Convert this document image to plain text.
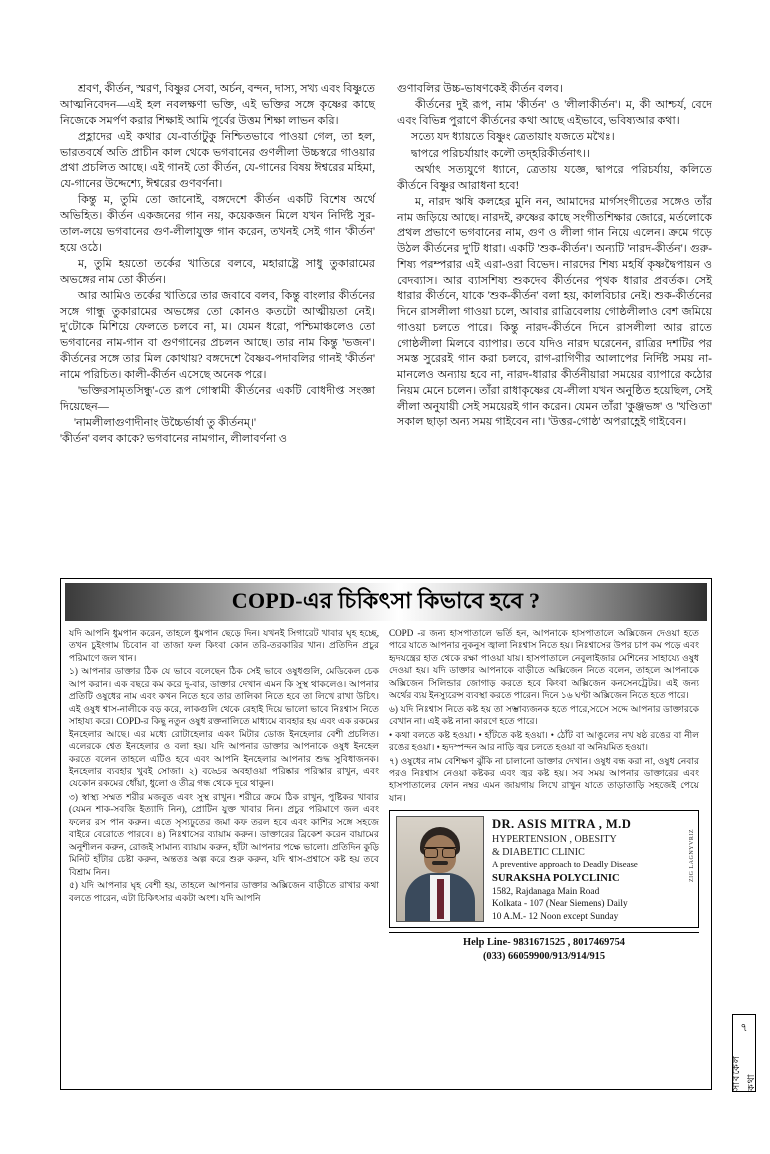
শ্রবণ, কীর্তন, স্মরণ, বিষ্ণুর সেবা, অর্চন, বন্দন, দাস্য, সখ্য এবং বিষ্ণুতে আত্মনিবেদন—এই হল নবলক্ষণা ভক্তি, এই ভক্তির সঙ্গে কৃষ্ণের কাছে নিজেকে সমর্পণ করার শিক্ষাই আমি পূর্বের উত্তম শিক্ষা লাভন করি।

প্রহ্লাদের এই কথার যে-বার্তাটুকু নিশ্চিতভাবে পাওয়া গেল, তা হল, ভারতবর্ষে অতি প্রাচীন কাল থেকে ভগবানের গুণলীলা উচ্চস্বরে গাওয়ার প্রথা প্রচলিত আছে। এই গানই তো কীর্তন, যে-গানের বিষয় ঈশ্বরের মহিমা, যে-গানের উদ্দেশ্যে, ঈশ্বরের গুণবর্ণনা।

কিন্তু ম, তুমি তো জানোই, বঙ্গদেশে কীর্তন একটি বিশেষ অর্থে অভিহিত। কীর্তন একজনের গান নয়, কয়েকজন মিলে যখন নির্দিষ্ট সুর-তাল-লয়ে ভগবানের গুণ-লীলাযুক্ত গান করেন, তখনই সেই গান 'কীর্তন' হয়ে ওঠে।

ম, তুমি হয়তো তর্কের খাতিরে বলবে, মহারাষ্ট্রে সাধু তুকারামের অভঙ্গের নাম তো কীর্তন।

আর আমিও তর্কের খাতিরে তার জবাবে বলব, কিন্তু বাংলার কীর্তনের সঙ্গে গান্ধু তুকারামের অভঙ্গের তো কোনও কতটো আত্মীয়তা নেই। দু'টোকে মিশিয়ে ফেলতে চলবে না, ম। যেমন ধরো, পশ্চিমাঞ্চলেও তো ভগবানের নাম-গান বা গুণগানের প্রচলন আছে। তার নাম কিন্তু 'ভজন'। কীর্তনের সঙ্গে তার মিল কোথায়? বঙ্গদেশে বৈষ্ণব-পদাবলির গানই 'কীর্তন' নামে পরিচিত। কালী-কীর্তন এসেছে অনেক পরে।

'ভক্তিরসামৃতসিন্ধু'-তে রূপ গোস্বামী কীর্তনের একটি বোধদীপ্ত সংজ্ঞা দিয়েছেন—

'নামলীলাগুণাদীনাং উচ্চৈর্ভার্ষা তু কীর্তনম্।'

'কীর্তন' বলব কাকে? ভগবানের নামগান, লীলাবর্ণনা ও

গুণাবলির উচ্চ-ভাষণকেই কীর্তন বলব।

কীর্তনের দুই রূপ, নাম 'কীর্তন' ও 'লীলাকীর্তন'। ম, কী আশ্চর্য, বেদে এবং বিভিন্ন পুরাণে কীর্তনের কথা আছে এইভাবে, ভবিষ্যআর কথা।

সত্যে যদ ধ্যায়তে বিষ্ণুং ত্রেতায়াং যজতে মখৈঃ।

দ্বাপরে পরিচর্যায়াং কলৌ তদ্হরিকীর্তনাৎ।।

অর্থাৎ সত্যযুগে ধ্যানে, ত্রেতায় যজ্ঞে, দ্বাপরে পরিচর্যায়, কলিতে কীর্তনে বিষ্ণুর আরাধনা হবে!

ম, নারদ ঋষি কলহের মুনি নন, আমাদের মার্গসংগীতের সঙ্গেও তাঁর নাম জড়িয়ে আছে। নারদই, রুষ্ণের কাছে সংগীতশিক্ষার জোরে, মর্তলোকে প্রথল প্রভাণে ভগবানের নাম, গুণ ও লীলা গান নিয়ে এলেন। ক্রমে গড়ে উঠল কীর্তনের দু'টি ধারা। একটি 'শুক-কীর্তন'। অন্যটি 'নারদ-কীর্তন'। গুরু-শিষ্য পরম্পরার এই এরা-ওরা বিভেদ। নারদের শিষ্য মহর্ষি কৃষ্ণদ্বৈপায়ন ও বেদব্যাস। আর ব্যাসশিষ্য শুকদেব কীর্তনের পৃথক ধারার প্রবর্তক। সেই ধারার কীর্তনে, যাকে 'শুক-কীর্তন' বলা হয়, কালবিচার নেই। শুক-কীর্তনের দিনে রাসলীলা গাওয়া চলে, আবার রাত্রিবেলায় গোষ্ঠলীলাও বেশ জমিয়ে গাওয়া চলতে পারে। কিন্তু নারদ-কীর্তনে দিনে রাসলীলা আর রাতে গোষ্ঠলীলা মিলবে ব্যাপার। তবে যদিও নারদ ঘরেনেন, রাত্রির দশটির পর সমস্ত সুরেরই গান করা চলবে, রাগ-রাগিণীর আলাপের নির্দিষ্ট সময় না-মানলেও অন্যায় হবে না, নারদ-ধারার কীর্তনীয়ারা সময়ের ব্যাপারে কঠোর নিয়ম মেনে চলেন। তাঁরা রাধাকৃষ্ণের যে-লীলা যখন অনুষ্ঠিত হয়েছিল, সেই লীলা অনুযায়ী সেই সময়েরই গান করেন। যেমন তাঁরা 'কুঞ্জভঙ্গ' ও 'খণ্ডিতা' সকাল ছাড়া অন্য সময় গাইবেন না। 'উত্তর-গোষ্ঠ' অপরাহ্ণেই গাইবেন।

COPD-এর চিকিৎসা কিভাবে হবে ?

যদি আপনি ধুমপান করেন, তাহলে ধুমপান ছেড়ে দিন। যখনই সিগারেট খাবার ঘৃহ হচ্ছে, তখন চুইংগাম চিবোন বা তাজা ফল কিংবা কোন তরি-তরকারির খান। প্রতিদিন প্রচুর পরিমাণে জল খান।

১) আপনার ডাক্তার ঠিক যে ভাবে বলেছেন ঠিক সেই ভাবে ওষুধগুলি, মেডিকেল চেক আপ করান। এক বছরে কম করে দু-বার, ডাক্তার দেখান এমন কি সুস্থ থাকলেও। আপনার প্রতিটি ওষুধের নাম এবং কখন নিতে হবে তার তালিকা নিতে হবে তা লিখে রাখা উচিৎ। এই ওষুধ শ্বাস-নালীকে বড় করে, লাকগুলি থেকে রেহাই দিয়ে ভালো ভাবে নিঃশ্বাস নিতে সাহায্য করে। COPD-র কিছু নতুন ওষুধ রক্তনালিতে মাধ্যমে ব্যবহার হয় এবং এক রকমের ইনহেলার আছে। এর মধ্যে রোটাহেলার একং মিটার ডোজ ইনহেলার বেশী প্রচলিত। এলেরকে শ্বেত ইনহেলার ও বলা হয়। যদি আপনার ডাক্তার আপনাকে ওষুধ ইনহেল করতে বলেন তাহলে এটিও হবে এবং আপনি ইনহেলার আপনার শুদ্ধ সুবিধাজনক। ইনহেলার ব্যবহার খুবই সোজা। ২) বড্ডের অবহাওয়া পরিষ্কার পরিস্কার রাখুন, এবং যেকোন রকমের ধোঁয়া, ধুলো ও তীব্র গন্ধ থেকে দূরে থাকুন।

৩) স্বাস্থ্য সম্মত শরীর মজবুত এবং সুস্থ রাখুন। শরীরে ক্রমে ঠিক রাখুন, পুষ্টিকর খাবার (যেমন শাক-সবজি ইত্যাদি নিন), প্রোটিন যুক্ত খাবার নিন। প্রচুর পরিমাণে জল এবং ফলের রস পান করুন। এতে সৃস্যঢ়ুতের জমা কফ তরল হবে এবং কাশির সঙ্গে সহজে বাইরে বেরোতে পারবে। ৪) নিঃশ্বাসের ব্যায়াম করুন। ডাক্তারের ব্রিকেশ করেন বায়ামের অনুশীলন করুন, রোজই সামান্য ব্যায়াম করুন, হাঁটা আপনার পক্ষে ভালো। প্রতিদিন কুড়ি মিনিট হাঁটার চেষ্টা করুন, অন্ততঃ অল্প করে শুরু করুন, যদি শ্বাস-প্রশ্বাসে কষ্ট হয় তবে বিশ্রাম নিন।

৫) যদি আপনার ঘৃহ বেশী হয়, তাহলে আপনার ডাক্তার অক্সিজেন বাড়ীতে রাখার কথা বলতে পারেন, এটা চিকিৎসার একটা অংশ। যদি আপনি

COPD -র জন্য হাসপাতালে ভর্তি হন, আপনাকে হাসপাতালে অক্সিজেন দেওয়া হতে পারে যাতে আপনার নুকনুস জ্বালা নিঃশ্বাস নিতে হয়। নিঃশ্বাসের উপর চাপ কম পড়ে এবং হৃদযন্ত্রের হাত থেকে রক্ষা পাওয়া যায়। হাসপাতালে নেবুলাইজার মেশিনের সাহায্যে ওষুধ দেওয়া হয়। যদি ডাক্তার আপনাকে বাড়ীতে অক্সিজেন নিতে বলেন, তাহলে আপনাকে অক্সিজেন সিলিন্ডার জোগাড় করতে হবে কিংবা অক্সিজেন কনসেনট্রেটর। এই জন্য অর্থের ব্যয় ইনস্যুরেন্স ব্যবস্থা করতে পারেন। দিনে ১৬ ঘণ্টা অক্সিজেন নিতে হতে পারে।

৬) যদি নিঃশ্বাস নিতে কষ্ট হয় তা সম্ভাব্যজনক হতে পারে,সসেে সদ্দে আপনার ডাক্তারকে বেখান না। এই কষ্ট নানা কারণে হতে পারে।

• কথা বলতে কষ্ট হওয়া। • হাঁটতে কষ্ট হওয়া। • ঠোঁট বা আঙুলের নখ ষষ্ঠ রঙের বা নীল রঙের হওয়া। • হৃদস্পন্দন আর নাড়ি জ্বর চলতে হওয়া বা অনিয়মিত হওয়া।

৭) ওষুধের নাম বেশিক্ষণ ঝুঁকি না চালানো ডাক্তার দেখান। ওষুধ বন্ধ করা না, ওষুধ নেবার পরও নিঃশ্বাস নেওয়া কষ্টকর এবং জ্বর কষ্ট হয়। সব সময় আপনার ডাক্তারের এবং হাসপাতালের ফোন নম্বর এমন জায়গায় লিখে রাখুন যাতে তাড়াতাড়ি সহজেই পেয়ে যান।

DR. ASIS MITRA , M.D
HYPERTENSION , OBESITY
& DIABETIC CLINIC
A preventive approach to Deadly Disease
SURAKSHA POLYCLINIC
1582, Rajdanaga Main Road
Kolkata - 107 (Near Siemens) Daily
10 A.M.- 12 Noon except Sunday
ZIG LAGNYVRIZ
Help Line- 9831671525 , 8017469754
(033) 66059900/913/914/915
৭
সাবকেল কথা
